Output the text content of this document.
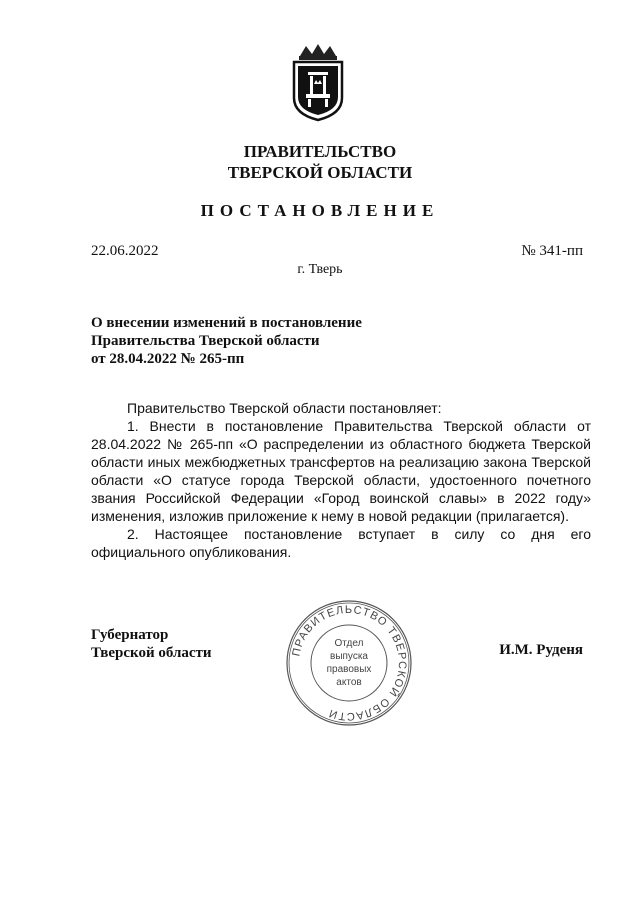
ПРАВИТЕЛЬСТВО
ТВЕРСКОЙ ОБЛАСТИ
ПОСТАНОВЛЕНИЕ
22.06.2022	№ 341-пп
г. Тверь
О внесении изменений в постановление
Правительства Тверской области
от 28.04.2022 № 265-пп

Правительство Тверской области постановляет:

1. Внести в постановление Правительства Тверской области от 28.04.2022 № 265-пп «О распределении из областного бюджета Тверской области иных межбюджетных трансфертов на реализацию закона Тверской области «О статусе города Тверской области, удостоенного почетного звания Российской Федерации «Город воинской славы» в 2022 году» изменения, изложив приложение к нему в новой редакции (прилагается).

2. Настоящее постановление вступает в силу со дня его официального опубликования.

Губернатор
Тверской области	И.М. Руденя
ПРАВИТЕЛЬСТВО ТВЕРСКОЙ ОБЛАСТИ
Отдел
выпуска
правовых
актов
